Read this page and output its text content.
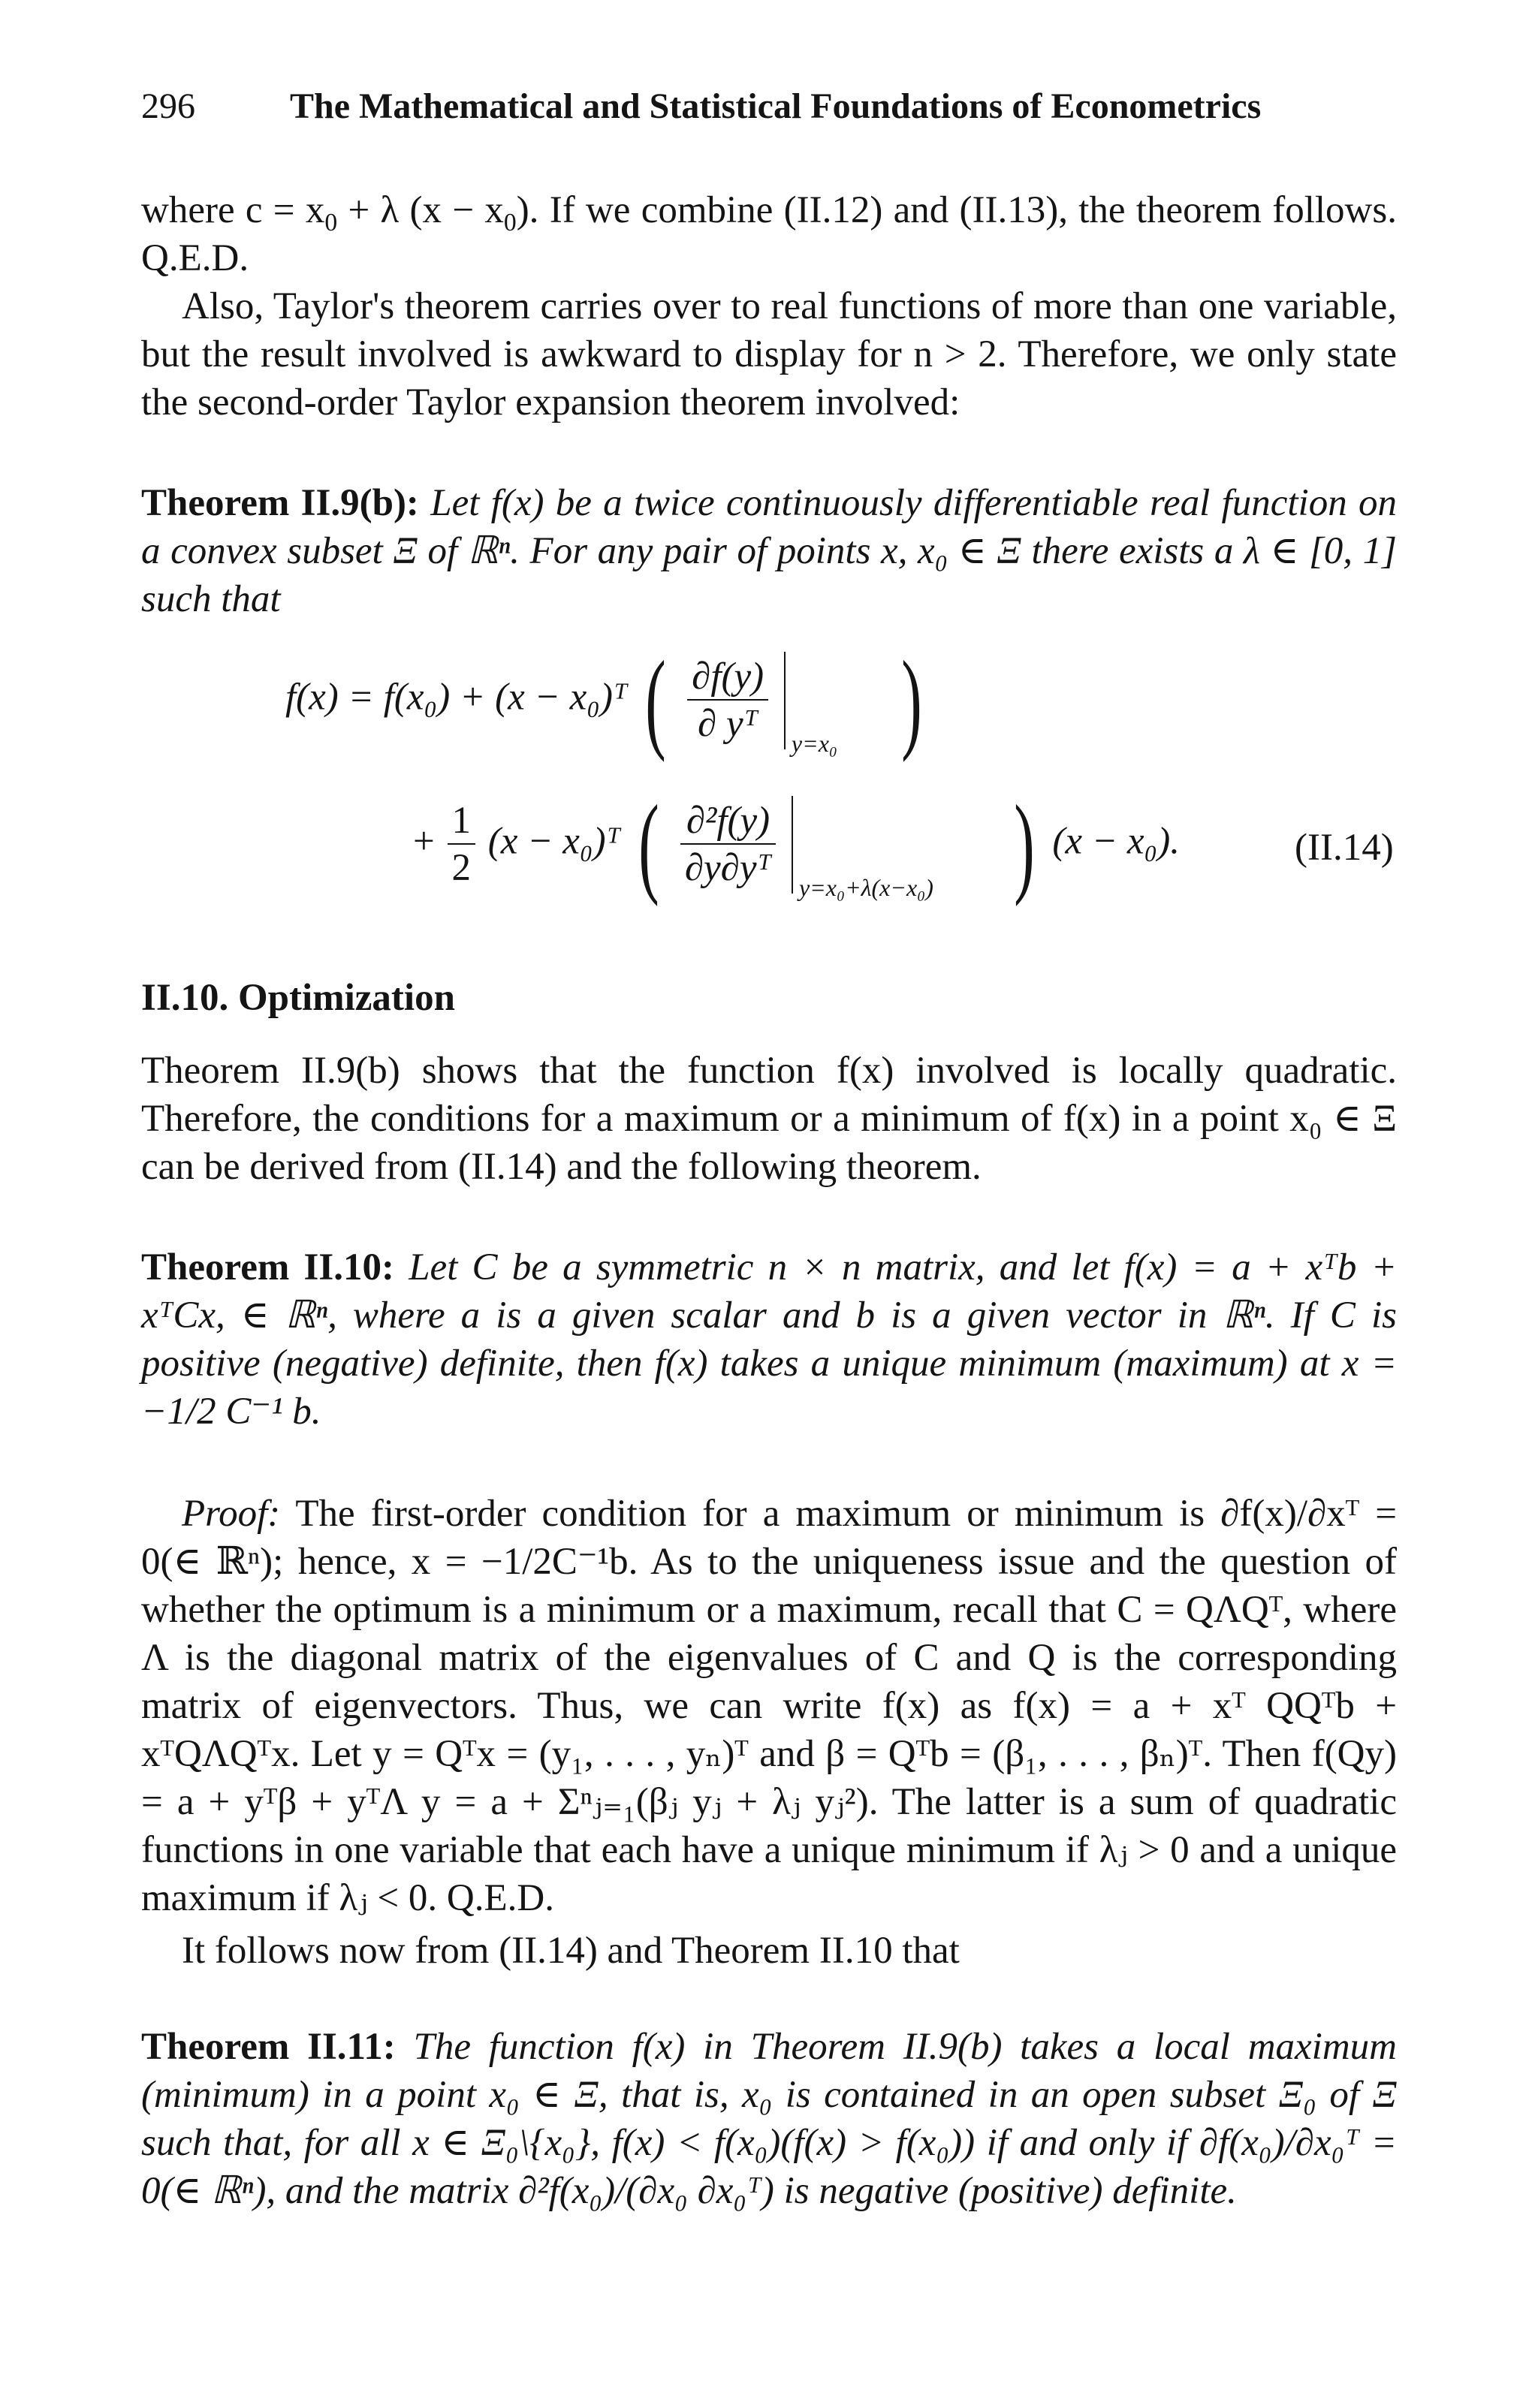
296	The Mathematical and Statistical Foundations of Econometrics
where $c = x_0 + \lambda$ $(x - x_0)$. If we combine (II.12) and (II.13), the theorem follows. Q.E.D.
Also, Taylor's theorem carries over to real functions of more than one variable, but the result involved is awkward to display for n > 2. Therefore, we only state the second-order Taylor expansion theorem involved:
Theorem II.9(b): Let f(x) be a twice continuously differentiable real function on a convex subset Ξ of ℝⁿ. For any pair of points x, x₀ ∈ Ξ there exists a λ ∈ [0, 1] such that
f(x) = f(x₀) + (x − x₀)ᵀ ( $\frac{\partial f(y)}{\text{∂ yᵀ}}$
y=x₀ )
+ $\frac{1}{2} (x$ − x₀)ᵀ ( $\frac{\text{∂²f(y)}}{\text{∂y∂yᵀ}}$
y=x₀+λ(x−x₀) ) (x − x₀).	(II.14)
II.10. Optimization
Theorem II.9(b) shows that the function f(x) involved is locally quadratic. Therefore, the conditions for a maximum or a minimum of f(x) in a point x₀ ∈ Ξ can be derived from (II.14) and the following theorem.
Theorem II.10: Let C be a symmetric n × n matrix, and let f(x) = a + xᵀb + xᵀCx, ∈ ℝⁿ, where a is a given scalar and b is a given vector in ℝⁿ. If C is positive (negative) definite, then f(x) takes a unique minimum (maximum) at x = −1/2 C⁻¹ b.
Proof: The first-order condition for a maximum or minimum is ∂f(x)/∂xᵀ = 0(∈ ℝⁿ); hence, x = −1/2C⁻¹b. As to the uniqueness issue and the question of whether the optimum is a minimum or a maximum, recall that C = QΛQᵀ, where Λ is the diagonal matrix of the eigenvalues of C and Q is the corresponding matrix of eigenvectors. Thus, we can write f(x) as f(x) = a + xᵀ QQᵀb + xᵀQΛQᵀx. Let y = Qᵀx = (y₁, . . . , yₙ)ᵀ and β = Qᵀb = (β₁, . . . , βₙ)ᵀ. Then f(Qy) = a + yᵀβ + yᵀΛ y = a + Σⁿⱼ₌₁(βⱼ yⱼ + λⱼ yⱼ²). The latter is a sum of quadratic functions in one variable that each have a unique minimum if λⱼ > 0 and a unique maximum if λⱼ < 0. Q.E.D.
It follows now from (II.14) and Theorem II.10 that
Theorem II.11: The function f(x) in Theorem II.9(b) takes a local maximum (minimum) in a point x₀ ∈ Ξ, that is, x₀ is contained in an open subset Ξ₀ of Ξ such that, for all x ∈ Ξ₀\{x₀}, f(x) < f(x₀)(f(x) > f(x₀)) if and only if ∂f(x₀)/∂x₀ᵀ = 0(∈ ℝⁿ), and the matrix ∂²f(x₀)/(∂x₀ ∂x₀ᵀ) is negative (positive) definite.
